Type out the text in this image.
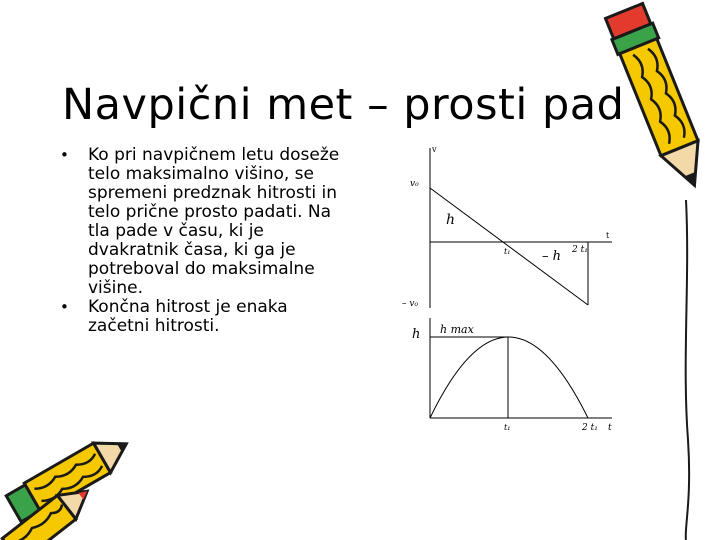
Navpični met – prosti pad
• Ko pri navpičnem letu doseže telo maksimalno višino, se spremeni predznak hitrosti in telo prične prosto padati. Na tla pade v času, ki je dvakratnik časa, ki ga je potreboval do maksimalne višine.
• Končna hitrost je enaka začetni hitrosti.
v
v₀
– v₀
h
– h
t
t₁	2 t₁
h h max
t₁	2 t₁ t
